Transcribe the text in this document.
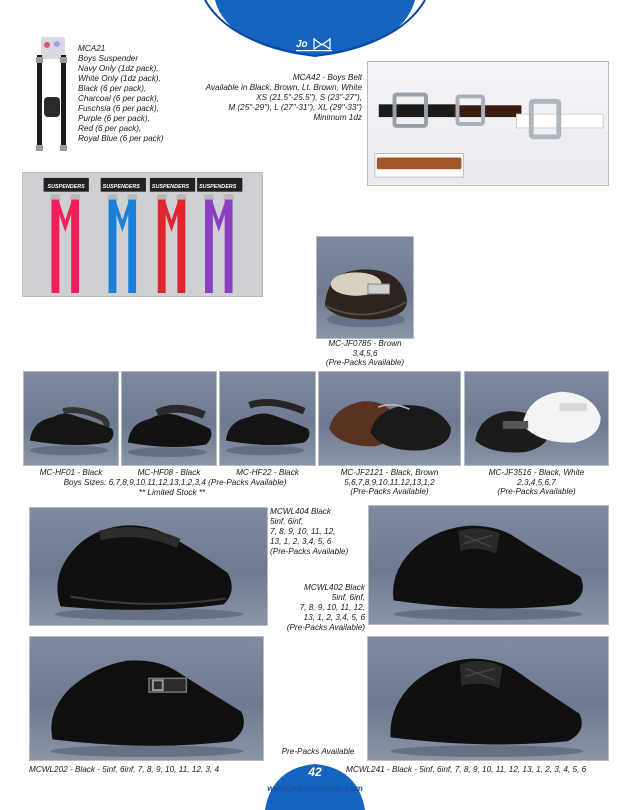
Jo
MCA21
Boys Suspender
Navy Only (1dz pack),
White Only (1dz pack),
Black (6 per pack),
Charcoal (6 per pack),
Fuschsia (6 per pack),
Purple (6 per pack),
Red (6 per pack),
Royal Blue (6 per pack)
MCA42 - Boys Belt
Available in Black, Brown, Lt. Brown, White
XS (21.5"-25.5"), S (23"-27"),
M (25"-29"), L (27"-31"), XL (29"-33")
Minimum 1dz
SUSPENDERS	SUSPENDERS SUSPENDERS SUSPENDERS
MC-JF0785 - Brown
3,4,5,6
(Pre-Packs Available)
MC-HF01 - Black	MC-HF08 - Black	MC-HF22 - Black
Boys Sizes: 6,7,8,9,10,11,12,13,1,2,3,4 (Pre-Packs Available)
** Limited Stock **
MC-JF2121 - Black, Brown
5,6,7,8,9,10,11,12,13,1,2
(Pre-Packs Available)
MC-JF3516 - Black, White
2,3,4,5,6,7
(Pre-Packs Available)
MCWL404 Black
5inf, 6inf,
7, 8, 9, 10, 11, 12,
13, 1, 2, 3,4, 5, 6
(Pre-Packs Available)
MCWL402 Black
5inf, 6inf,
7, 8, 9, 10, 11, 12,
13, 1, 2, 3,4, 5, 6
(Pre-Packs Available)
Pre-Packs Available
MCWL202 - Black - 5inf, 6inf, 7, 8, 9, 10, 11, 12, 3, 4	MCWL241 - Black - 5inf, 6inf, 7, 8, 9, 10, 11, 12, 13, 1, 2, 3, 4, 5, 6
42
www.jolenecanade.com
